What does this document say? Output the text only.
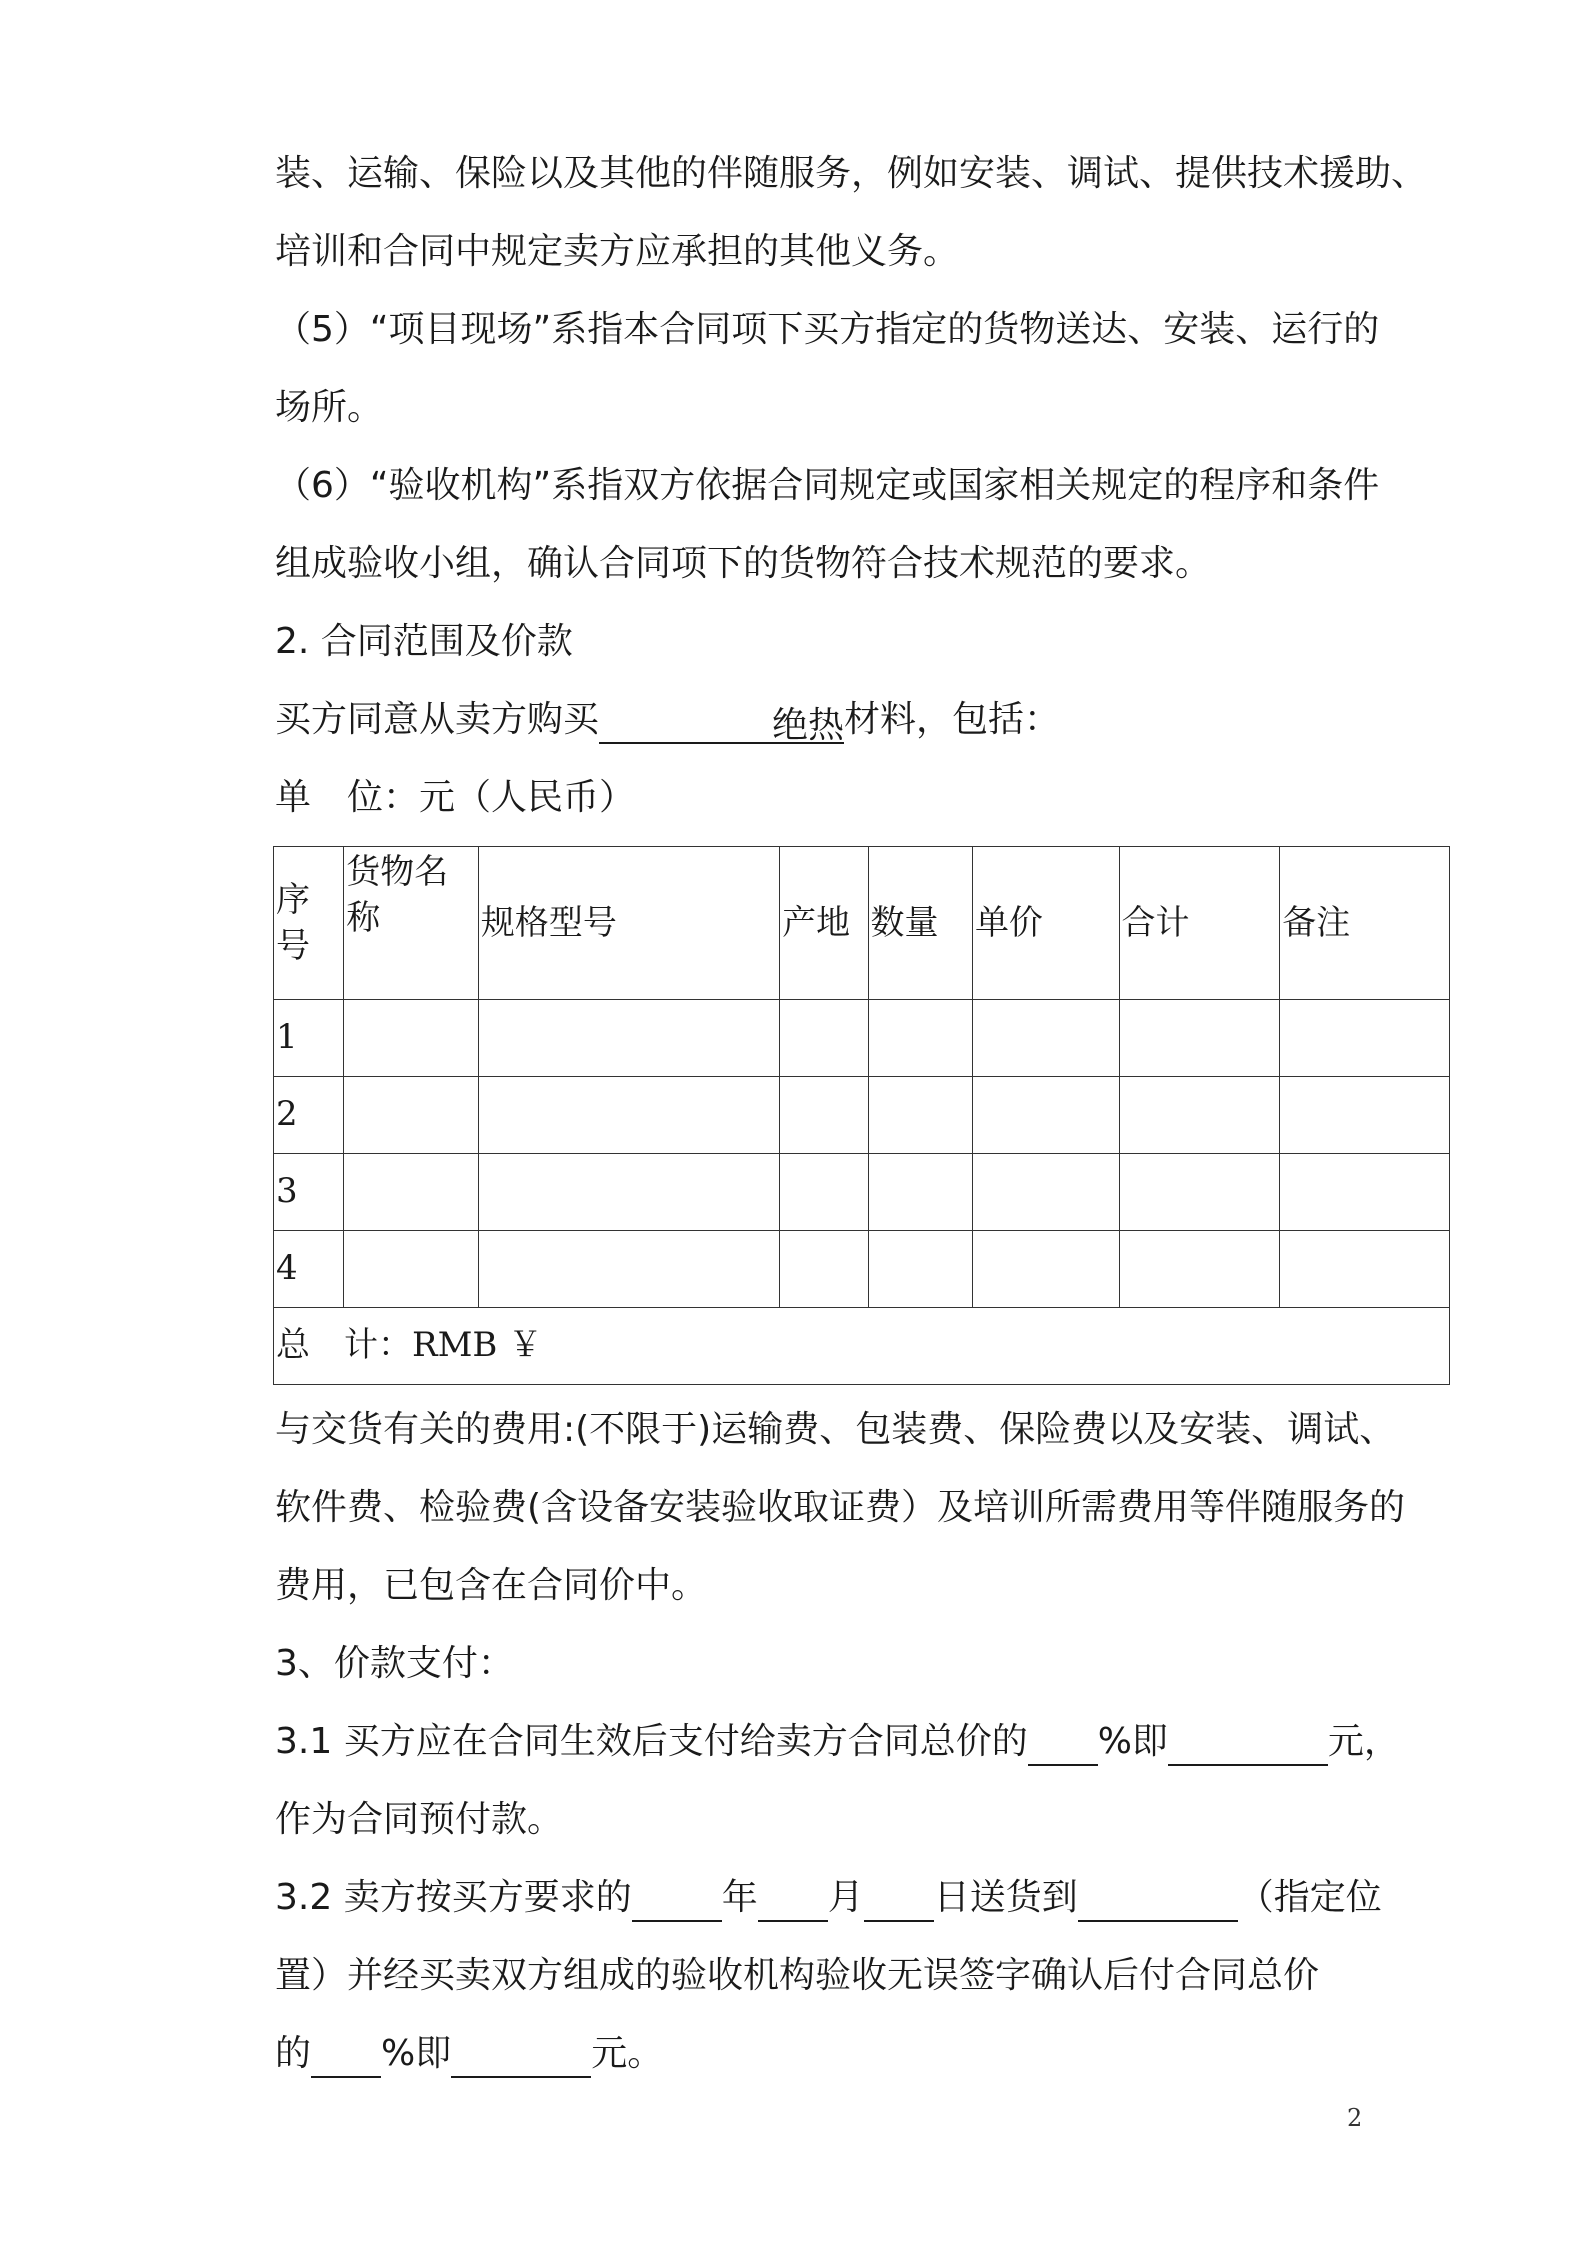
装、运输、保险以及其他的伴随服务，例如安装、调试、提供技术援助、
培训和合同中规定卖方应承担的其他义务。
（5）“项目现场”系指本合同项下买方指定的货物送达、安装、运行的
场所。
（6）“验收机构”系指双方依据合同规定或国家相关规定的程序和条件
组成验收小组，确认合同项下的货物符合技术规范的要求。
2. 合同范围及价款
买方同意从卖方购买	绝热材料，包括：
单　位：元（人民币）
序号	货物名称	规格型号	产地	数量	单价	合计	备注
1							
2							
3							
4							
总　计：RMB ￥							
与交货有关的费用:(不限于)运输费、包装费、保险费以及安装、调试、
软件费、检验费(含设备安装验收取证费）及培训所需费用等伴随服务的
费用，已包含在合同价中。
3、价款支付：
3.1 买方应在合同生效后支付给卖方合同总价的 %即	元，
作为合同预付款。
3.2 卖方按买方要求的	年 月 日送货到	（指定位
置）并经买卖双方组成的验收机构验收无误签字确认后付合同总价
的 %即	元。
2
